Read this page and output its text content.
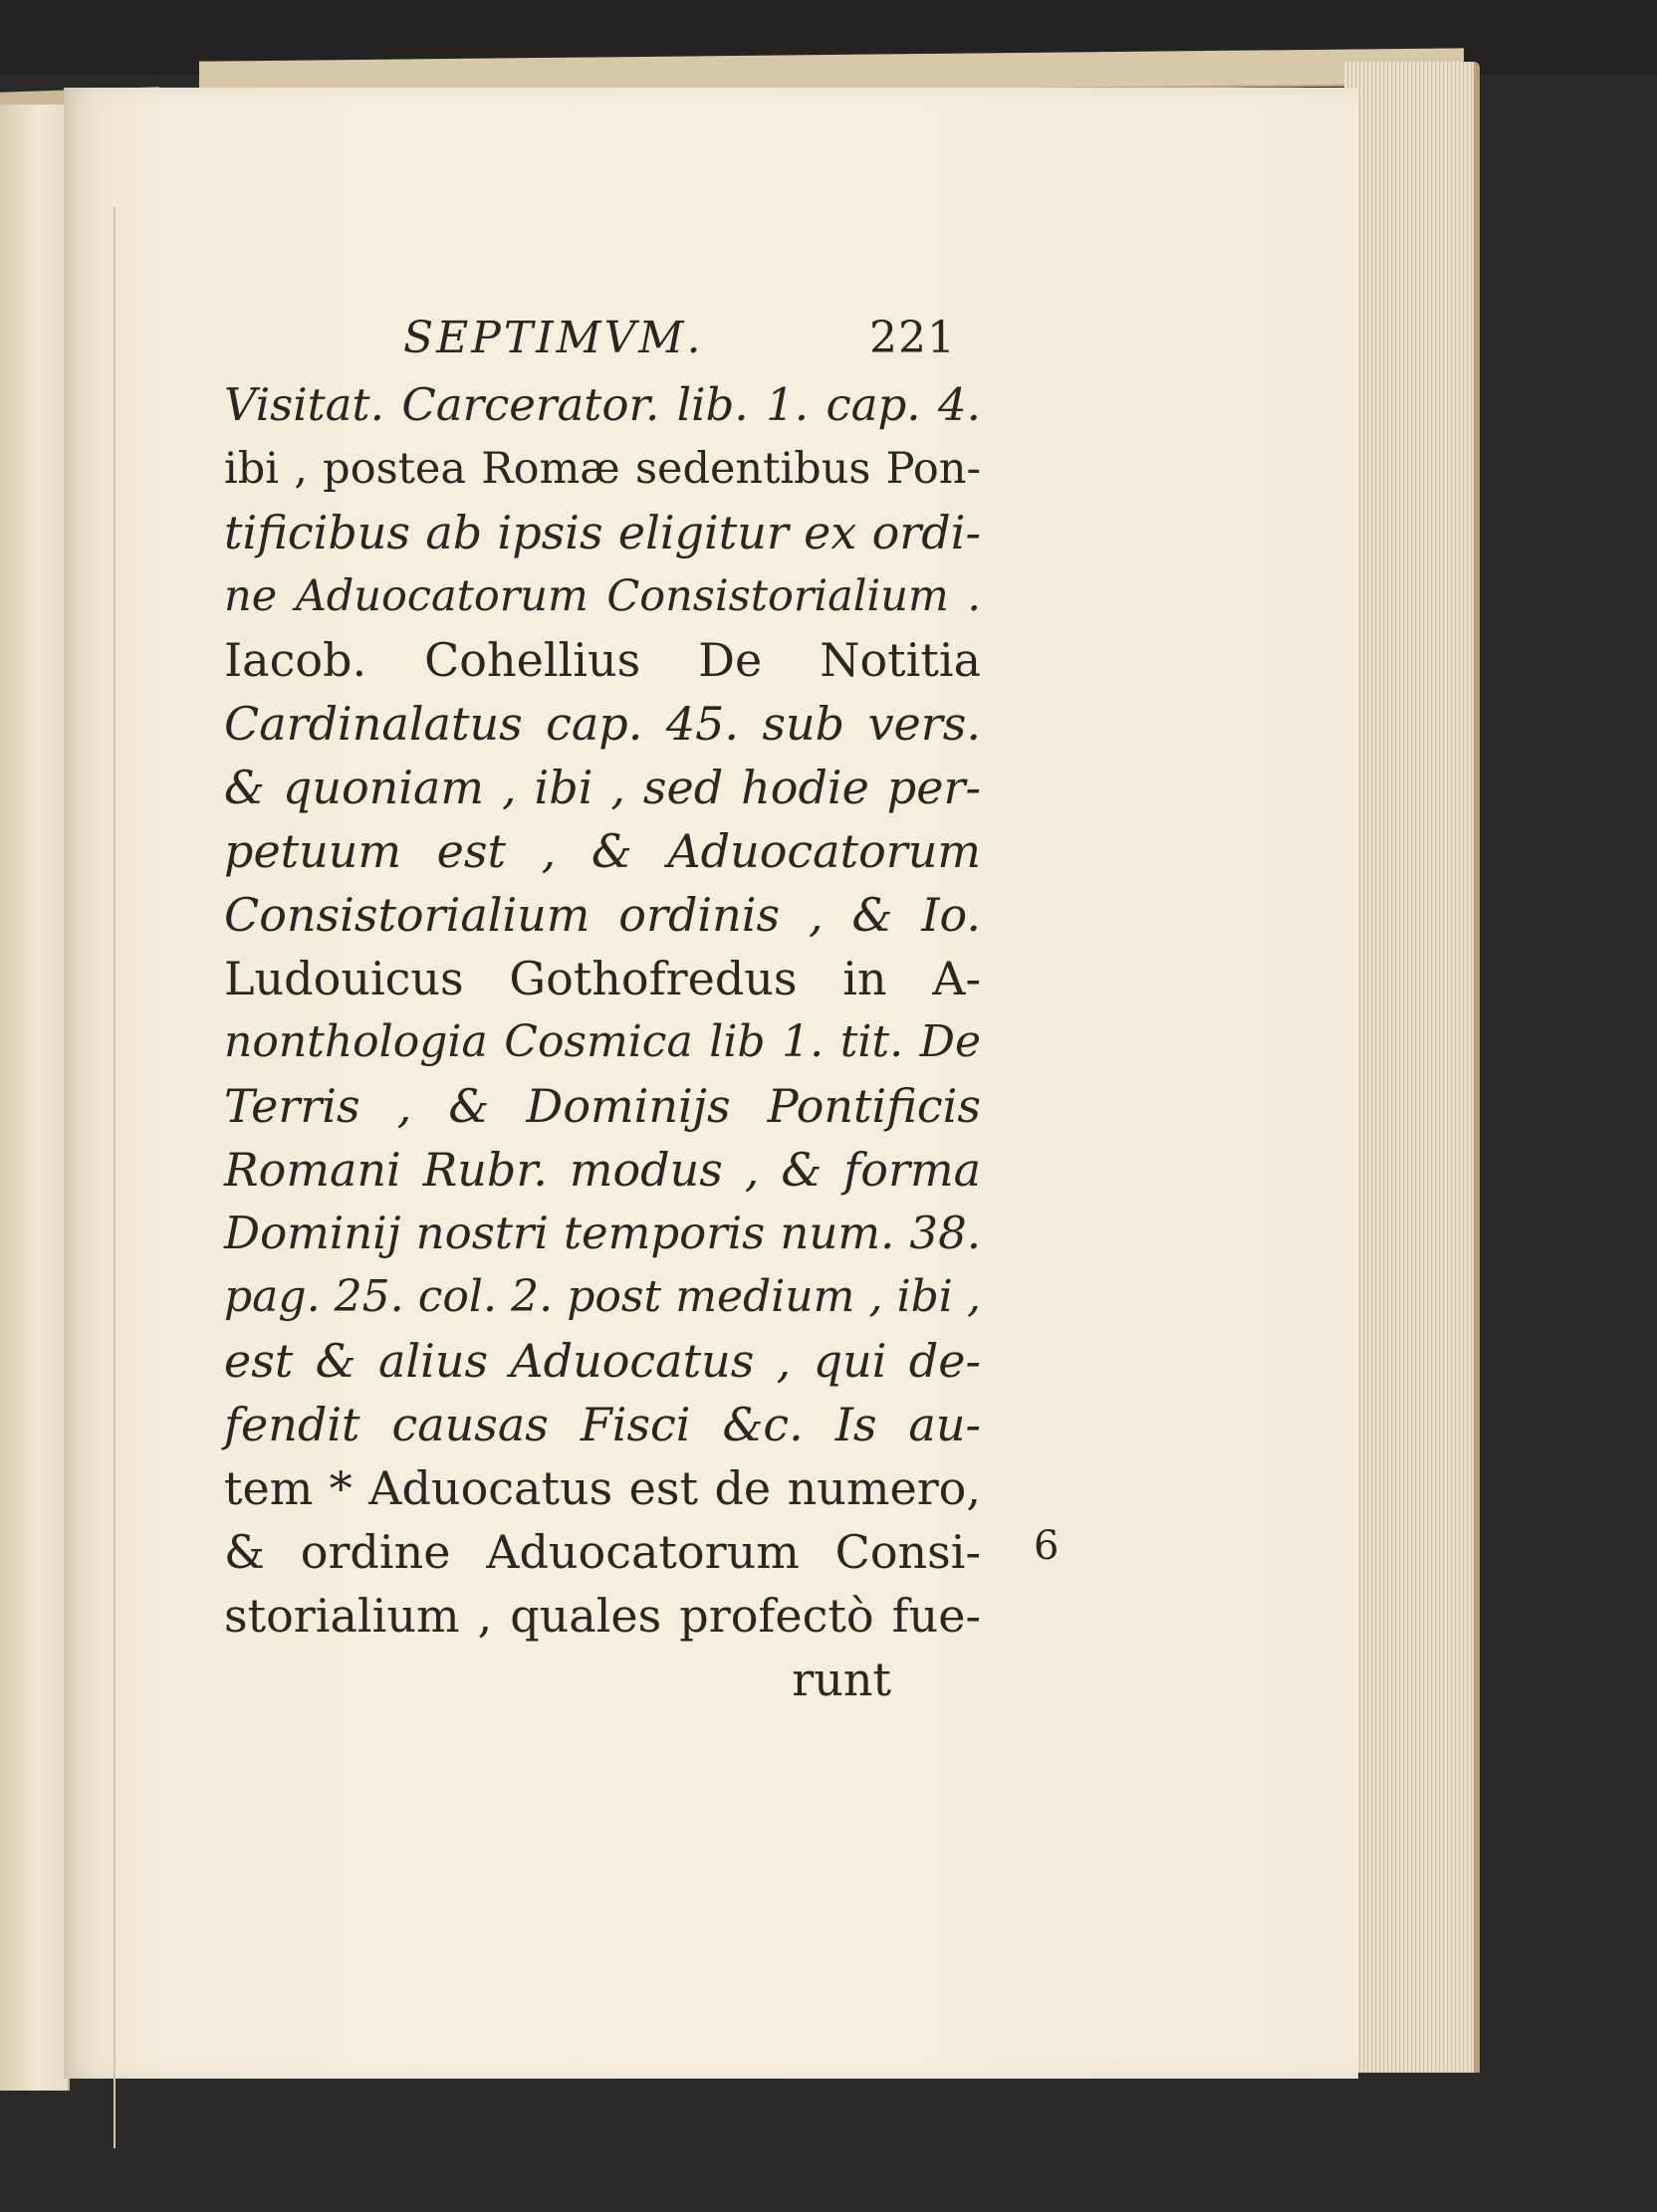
SEPTIMVM.	221
Visitat. Carcerator. lib. 1. cap. 4.
ibi , postea Romæ sedentibus Pon-
tificibus ab ipsis eligitur ex ordi-
ne Aduocatorum Consistorialium .
Iacob. Cohellius De Notitia
Cardinalatus cap. 45. sub vers.
& quoniam , ibi , sed hodie per-
petuum est , & Aduocatorum
Consistorialium ordinis , & Io.
Ludouicus Gothofredus in A-
nonthologia Cosmica lib 1. tit. De
Terris , & Dominijs Pontificis
Romani Rubr. modus , & forma
Dominij nostri temporis num. 38.
pag. 25. col. 2. post medium , ibi ,
est & alius Aduocatus , qui de-
fendit causas Fisci &c. Is au-
tem * Aduocatus est de numero,
& ordine Aduocatorum Consi-
storialium , quales profectò fue-
runt
6
